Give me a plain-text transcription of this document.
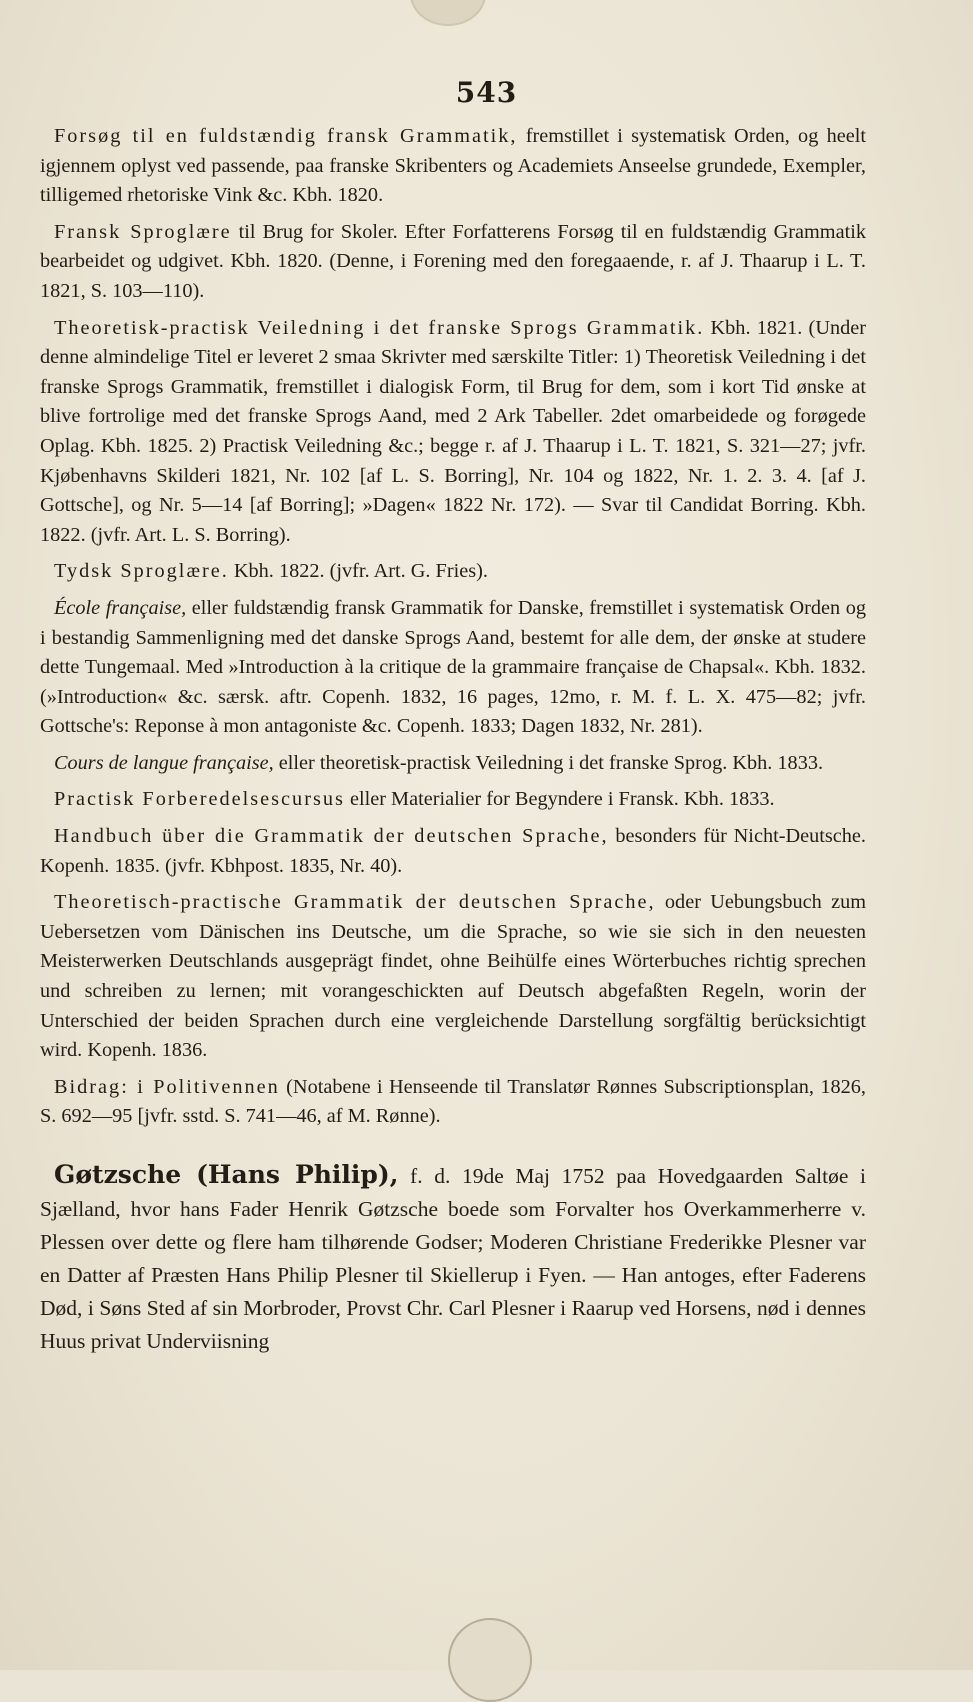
543

Forsøg til en fuldstændig fransk Grammatik, fremstillet i systematisk Orden, og heelt igjennem oplyst ved passende, paa franske Skribenters og Academiets Anseelse grundede, Exempler, tilligemed rhetoriske Vink &c. Kbh. 1820.

Fransk Sproglære til Brug for Skoler. Efter Forfatterens Forsøg til en fuldstændig Grammatik bearbeidet og udgivet. Kbh. 1820. (Denne, i Forening med den foregaaende, r. af J. Thaarup i L. T. 1821, S. 103—110).

Theoretisk-practisk Veiledning i det franske Sprogs Grammatik. Kbh. 1821. (Under denne almindelige Titel er leveret 2 smaa Skrivter med særskilte Titler: 1) Theoretisk Veiledning i det franske Sprogs Grammatik, fremstillet i dialogisk Form, til Brug for dem, som i kort Tid ønske at blive fortrolige med det franske Sprogs Aand, med 2 Ark Tabeller. 2det omarbeidede og forøgede Oplag. Kbh. 1825. 2) Practisk Veiledning &c.; begge r. af J. Thaarup i L. T. 1821, S. 321—27; jvfr. Kjøbenhavns Skilderi 1821, Nr. 102 [af L. S. Borring], Nr. 104 og 1822, Nr. 1. 2. 3. 4. [af J. Gottsche], og Nr. 5—14 [af Borring]; »Dagen« 1822 Nr. 172). — Svar til Candidat Borring. Kbh. 1822. (jvfr. Art. L. S. Borring).

Tydsk Sproglære. Kbh. 1822. (jvfr. Art. G. Fries).

École française, eller fuldstændig fransk Grammatik for Danske, fremstillet i systematisk Orden og i bestandig Sammenligning med det danske Sprogs Aand, bestemt for alle dem, der ønske at studere dette Tungemaal. Med »Introduction à la critique de la grammaire française de Chapsal«. Kbh. 1832. (»Introduction« &c. særsk. aftr. Copenh. 1832, 16 pages, 12mo, r. M. f. L. X. 475—82; jvfr. Gottsche's: Reponse à mon antagoniste &c. Copenh. 1833; Dagen 1832, Nr. 281).

Cours de langue française, eller theoretisk-practisk Veiledning i det franske Sprog. Kbh. 1833.

Practisk Forberedelsescursus eller Materialier for Begyndere i Fransk. Kbh. 1833.

Handbuch über die Grammatik der deutschen Sprache, besonders für Nicht-Deutsche. Kopenh. 1835. (jvfr. Kbhpost. 1835, Nr. 40).

Theoretisch-practische Grammatik der deutschen Sprache, oder Uebungsbuch zum Uebersetzen vom Dänischen ins Deutsche, um die Sprache, so wie sie sich in den neuesten Meisterwerken Deutschlands ausgeprägt findet, ohne Beihülfe eines Wörterbuches richtig sprechen und schreiben zu lernen; mit vorangeschickten auf Deutsch abgefaßten Regeln, worin der Unterschied der beiden Sprachen durch eine vergleichende Darstellung sorgfältig berücksichtigt wird. Kopenh. 1836.

Bidrag: i Politivennen (Notabene i Henseende til Translatør Rønnes Subscriptionsplan, 1826, S. 692—95 [jvfr. sstd. S. 741—46, af M. Rønne).

Gøtzsche (Hans Philip), f. d. 19de Maj 1752 paa Hovedgaarden Saltøe i Sjælland, hvor hans Fader Henrik Gøtzsche boede som Forvalter hos Overkammerherre v. Plessen over dette og flere ham tilhørende Godser; Moderen Christiane Frederikke Plesner var en Datter af Præsten Hans Philip Plesner til Skiellerup i Fyen. — Han antoges, efter Faderens Død, i Søns Sted af sin Morbroder, Provst Chr. Carl Plesner i Raarup ved Horsens, nød i dennes Huus privat Underviisning
